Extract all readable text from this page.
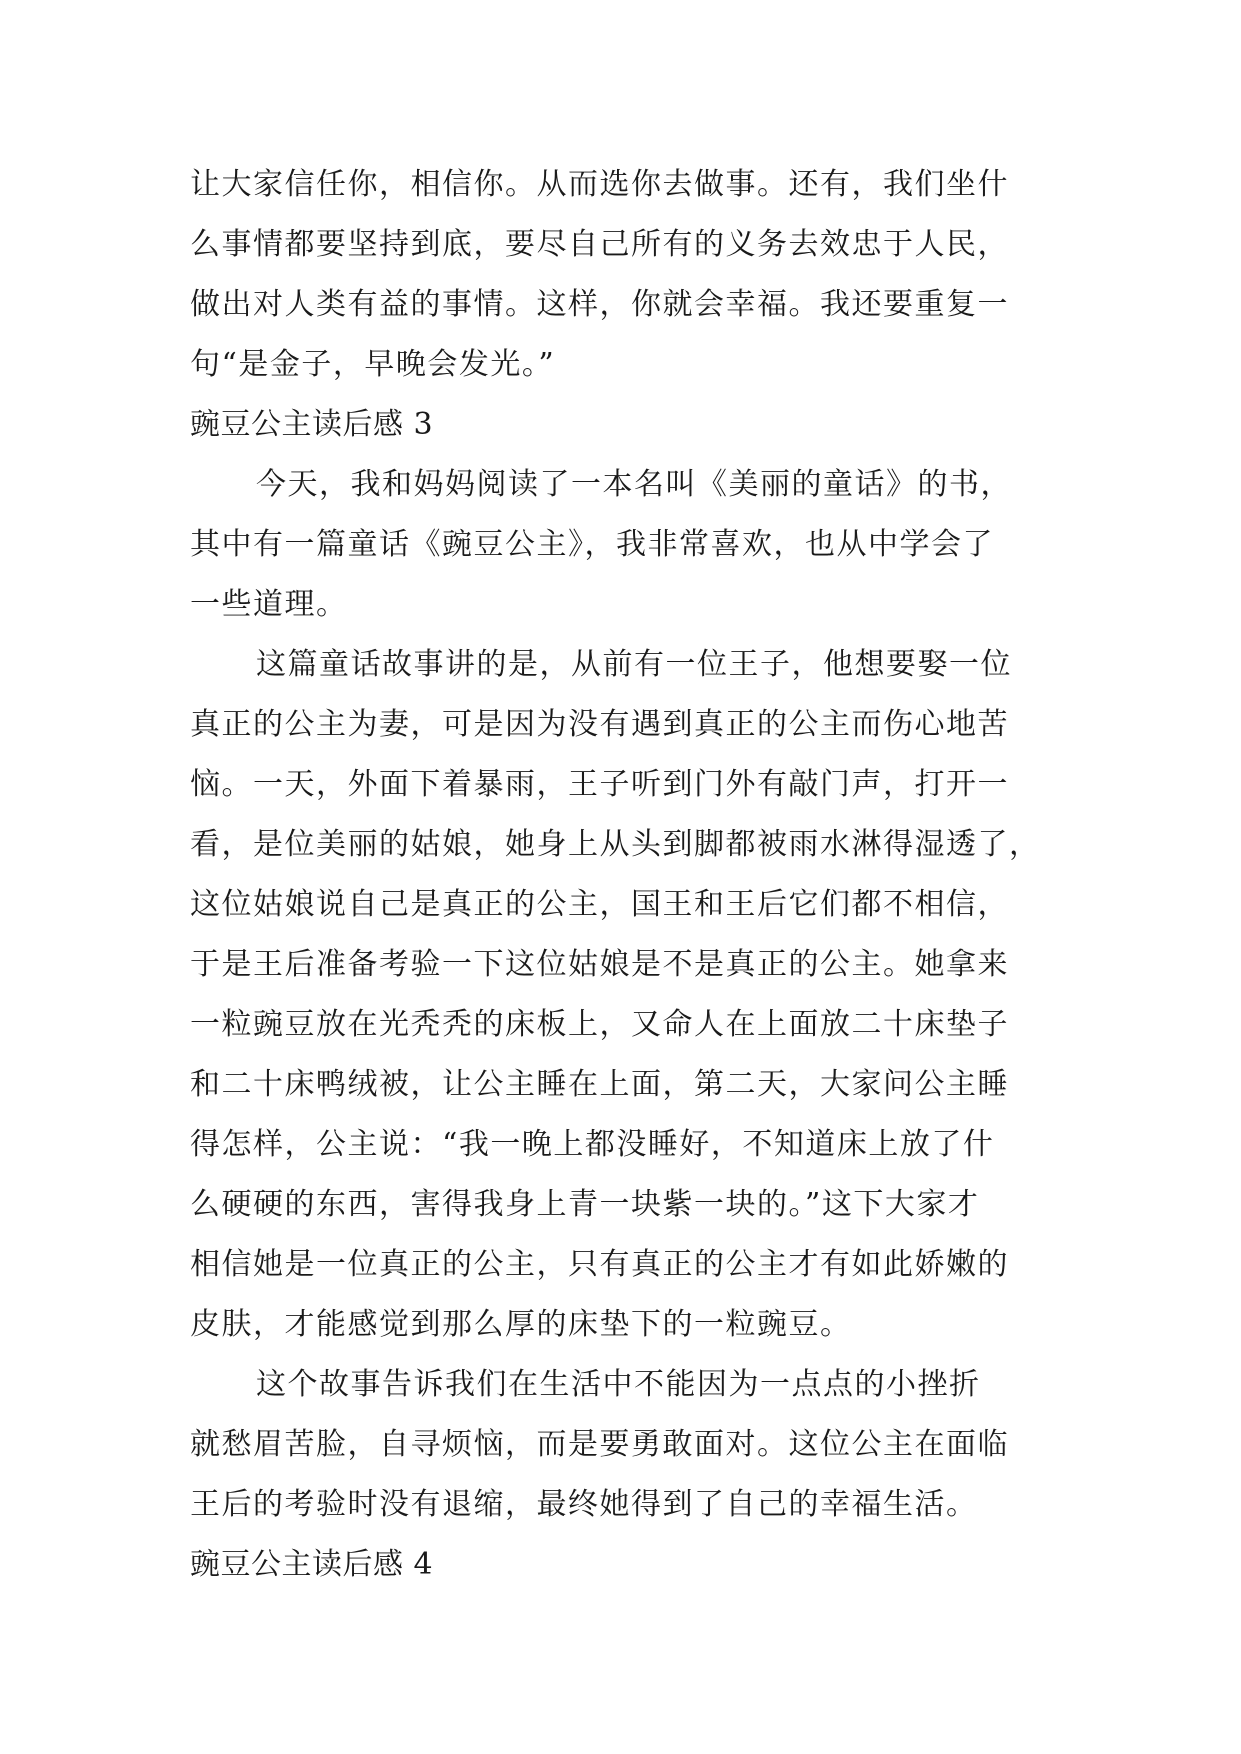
让大家信任你，相信你。从而选你去做事。还有，我们坐什
么事情都要坚持到底，要尽自己所有的义务去效忠于人民，
做出对人类有益的事情。这样，你就会幸福。我还要重复一
句“是金子，早晚会发光。”
豌豆公主读后感 3
今天，我和妈妈阅读了一本名叫《美丽的童话》的书，
其中有一篇童话《豌豆公主》，我非常喜欢，也从中学会了
一些道理。
这篇童话故事讲的是，从前有一位王子，他想要娶一位
真正的公主为妻，可是因为没有遇到真正的公主而伤心地苦
恼。一天，外面下着暴雨，王子听到门外有敲门声，打开一
看，是位美丽的姑娘，她身上从头到脚都被雨水淋得湿透了，
这位姑娘说自己是真正的公主，国王和王后它们都不相信，
于是王后准备考验一下这位姑娘是不是真正的公主。她拿来
一粒豌豆放在光秃秃的床板上，又命人在上面放二十床垫子
和二十床鸭绒被，让公主睡在上面，第二天，大家问公主睡
得怎样，公主说：“我一晚上都没睡好，不知道床上放了什
么硬硬的东西，害得我身上青一块紫一块的。”这下大家才
相信她是一位真正的公主，只有真正的公主才有如此娇嫩的
皮肤，才能感觉到那么厚的床垫下的一粒豌豆。
这个故事告诉我们在生活中不能因为一点点的小挫折
就愁眉苦脸，自寻烦恼，而是要勇敢面对。这位公主在面临
王后的考验时没有退缩，最终她得到了自己的幸福生活。
豌豆公主读后感 4
